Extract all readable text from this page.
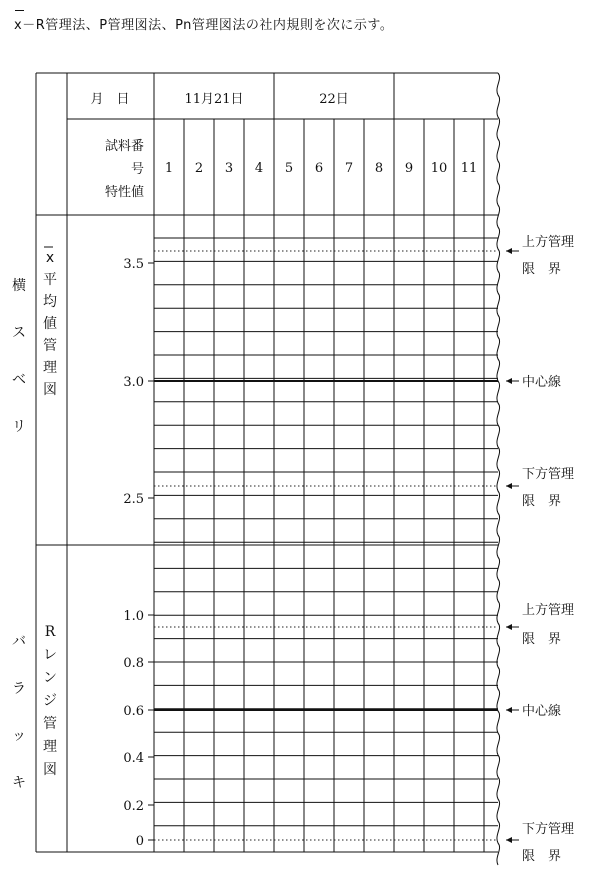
x－R管理法、P管理図法、Pn管理図法の社内規則を次に示す。
月　日	11月21日	22日
試料番
号
特性値
1 2 3 4 5 6 7 8 9 10 11
横
ス
ベ
リ
バ
ラ
ッ
キ
x
平
均
値
管
理
図
R
レ
ン
ジ
管
理
図
3.5
3.0
2.5
1.0
0.8
0.6
0.4
0.2
0
上方管理
限　界
中心線
下方管理
限　界
上方管理
限　界
中心線
下方管理
限　界
